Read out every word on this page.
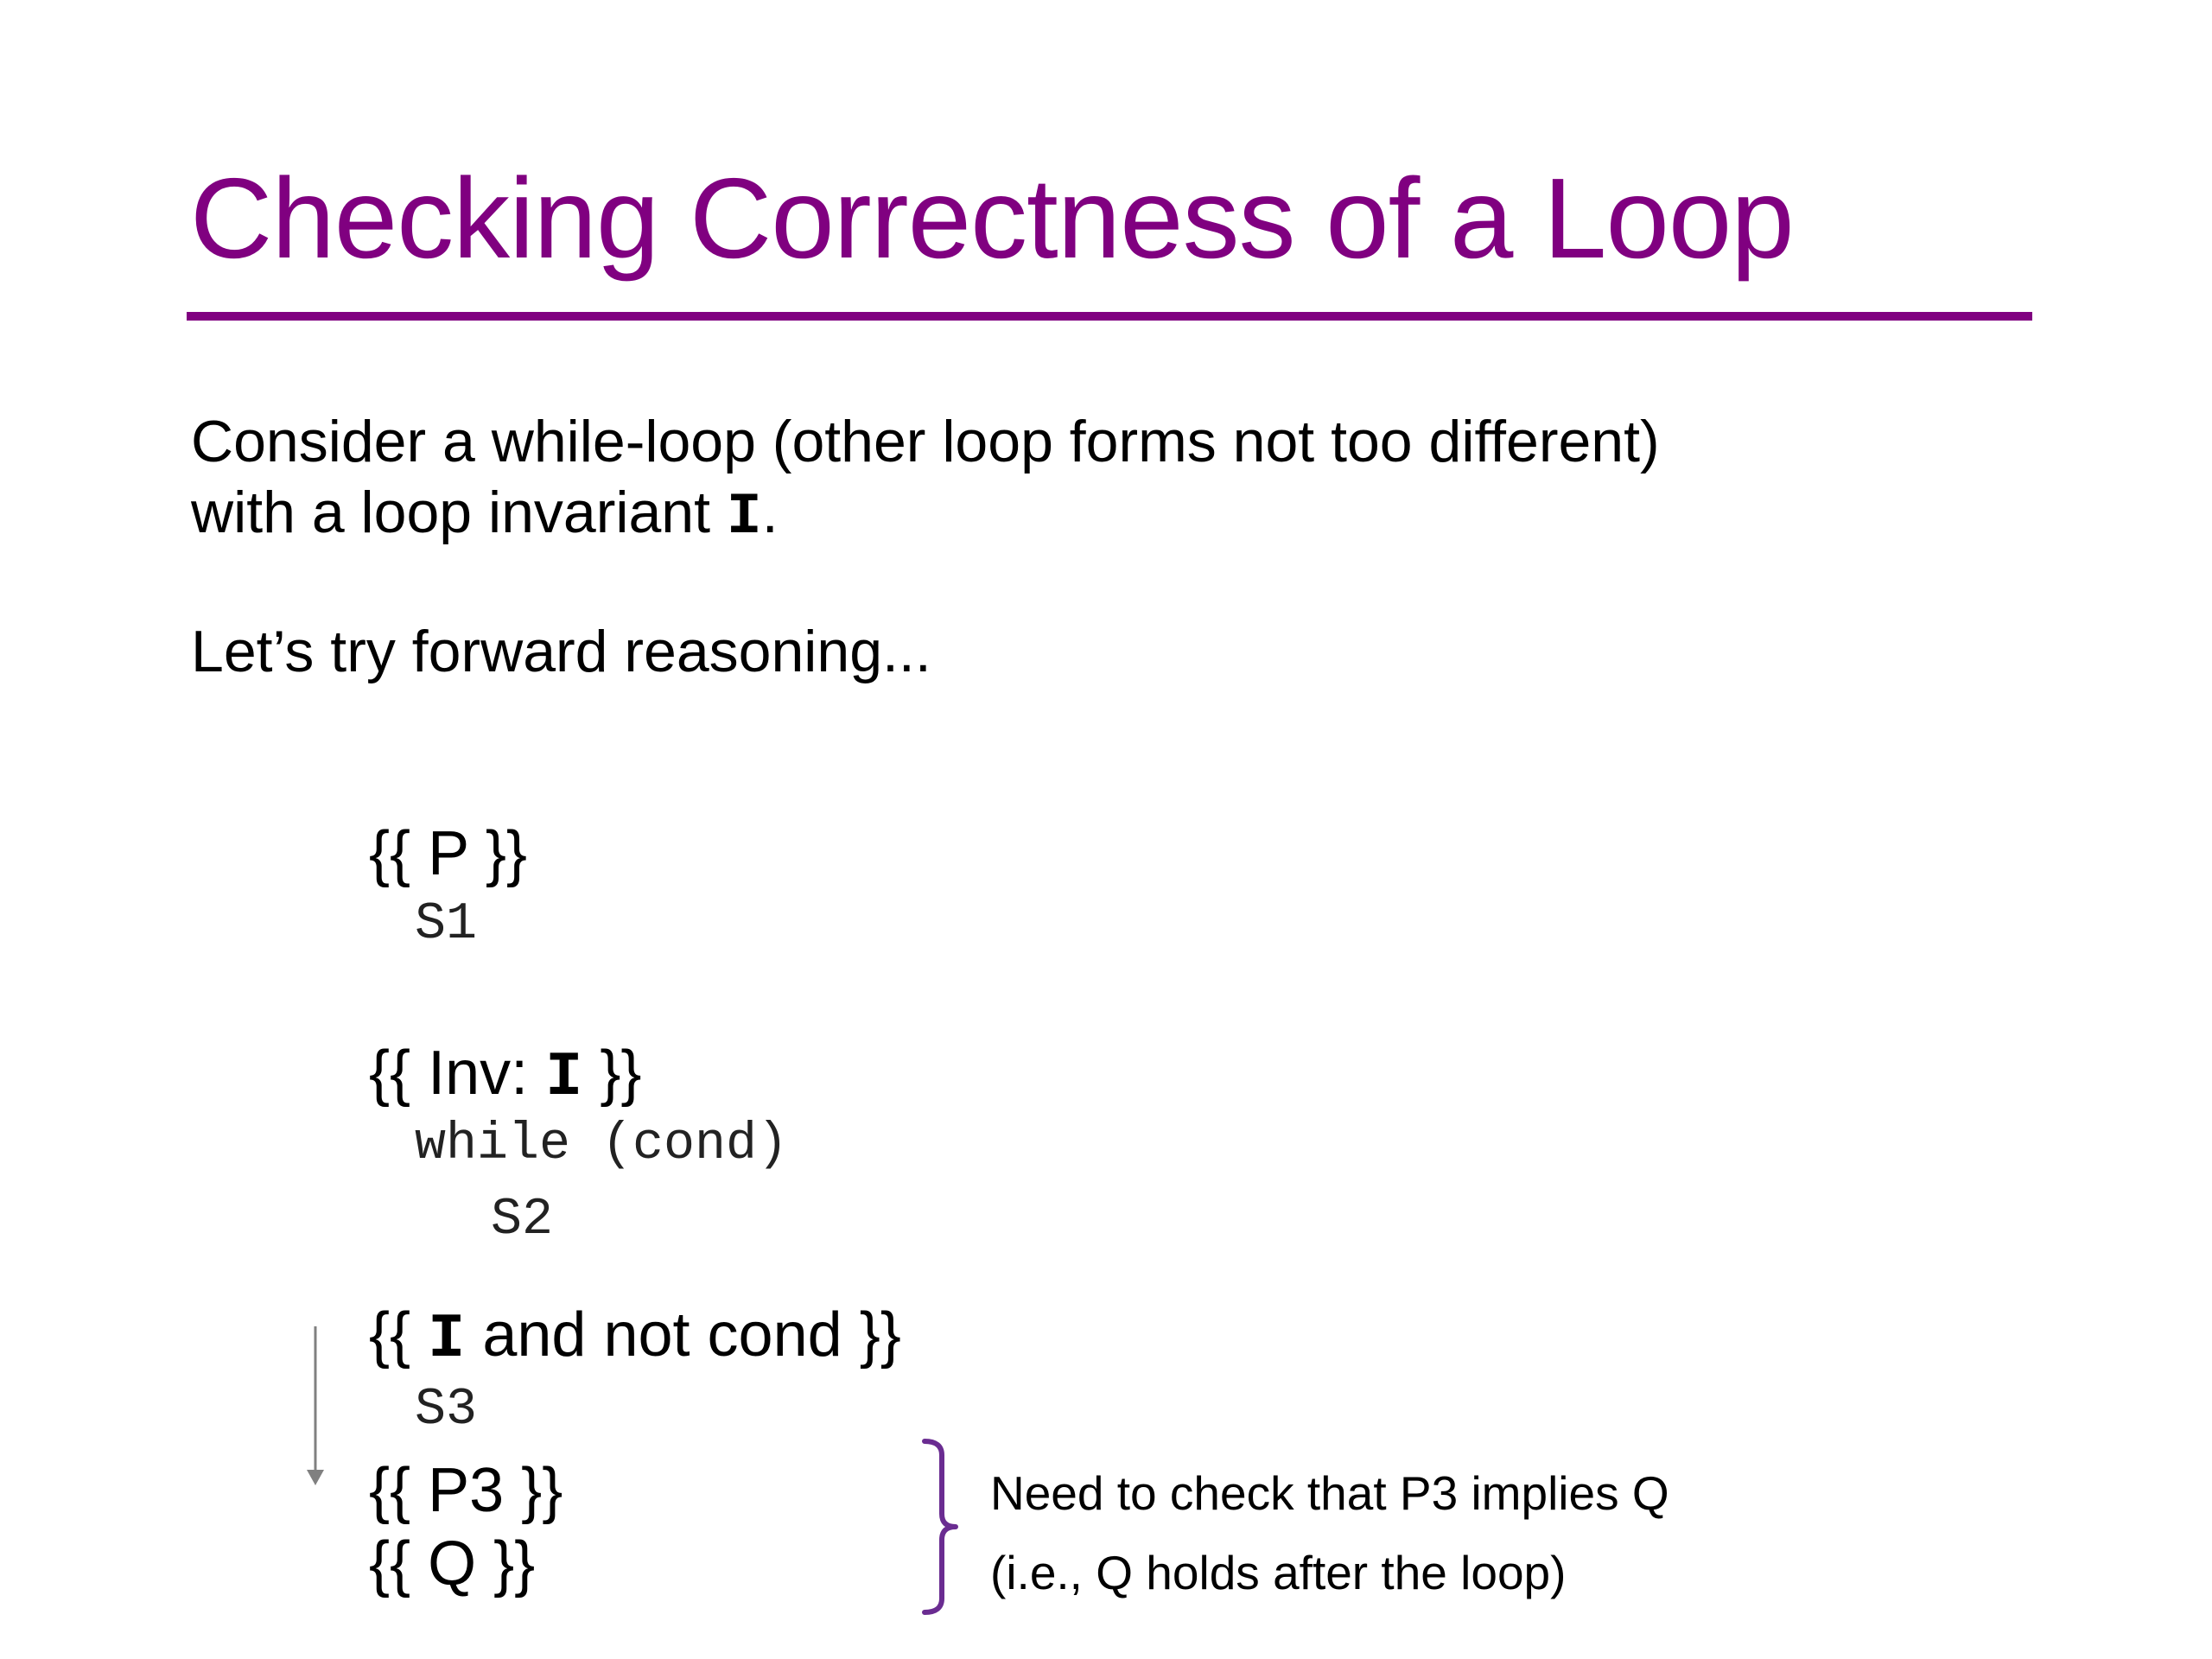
Checking Correctness of a Loop
Consider a while-loop (other loop forms not too different)
with a loop invariant I.
Let’s try forward reasoning...
{{ P }}
S1
{{ Inv: I }}
while (cond)
S2
{{ I and not cond }}
S3
{{ P3 }}
{{ Q }}
Need to check that P3 implies Q
(i.e., Q holds after the loop)
